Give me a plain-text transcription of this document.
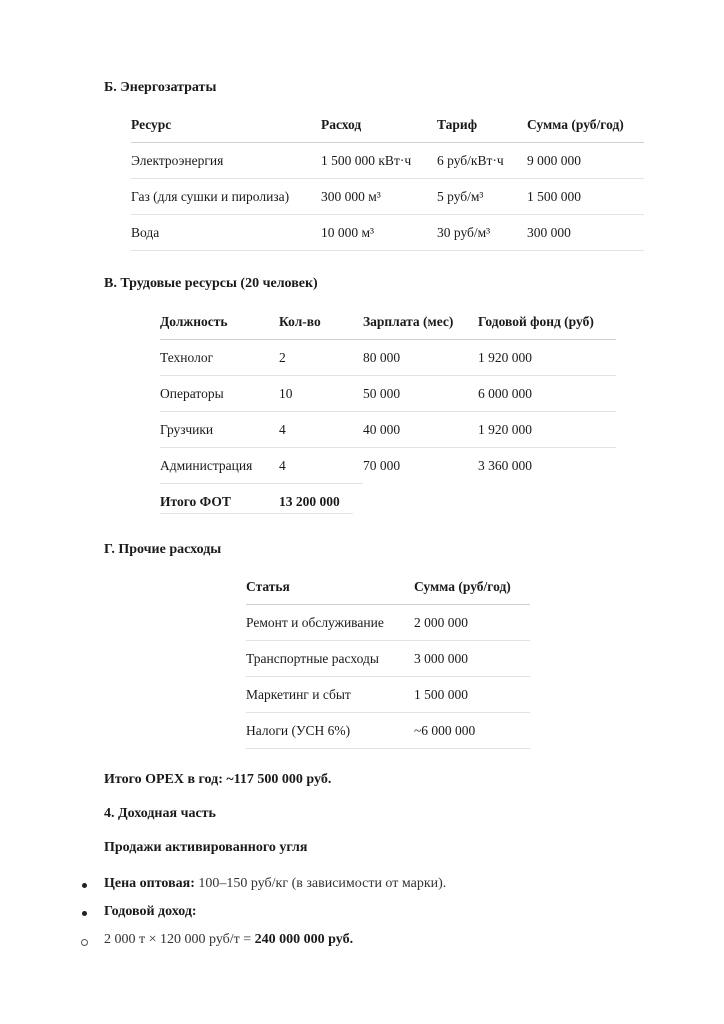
Б. Энергозатраты
Ресурс	Расход	Тариф	Сумма (руб/год)
Электроэнергия	1 500 000 кВт·ч	6 руб/кВт·ч	9 000 000
Газ (для сушки и пиролиза)	300 000 м³	5 руб/м³	1 500 000
Вода	10 000 м³	30 руб/м³	300 000

В. Трудовые ресурсы (20 человек)
Должность	Кол-во	Зарплата (мес)	Годовой фонд (руб)
Технолог	2	80 000	1 920 000
Операторы	10	50 000	6 000 000
Грузчики	4	40 000	1 920 000
Администрация	4	70 000	3 360 000
Итого ФОТ	13 200 000		
Г. Прочие расходы
Статья	Сумма (руб/год)
Ремонт и обслуживание	2 000 000
Транспортные расходы	3 000 000
Маркетинг и сбыт	1 500 000
Налоги (УСН 6%)	~6 000 000

Итого OPEX в год: ~117 500 000 руб.
4. Доходная часть
Продажи активированного угля
Цена оптовая: 100–150 руб/кг (в зависимости от марки).
Годовой доход:
2 000 т × 120 000 руб/т = 240 000 000 руб.
